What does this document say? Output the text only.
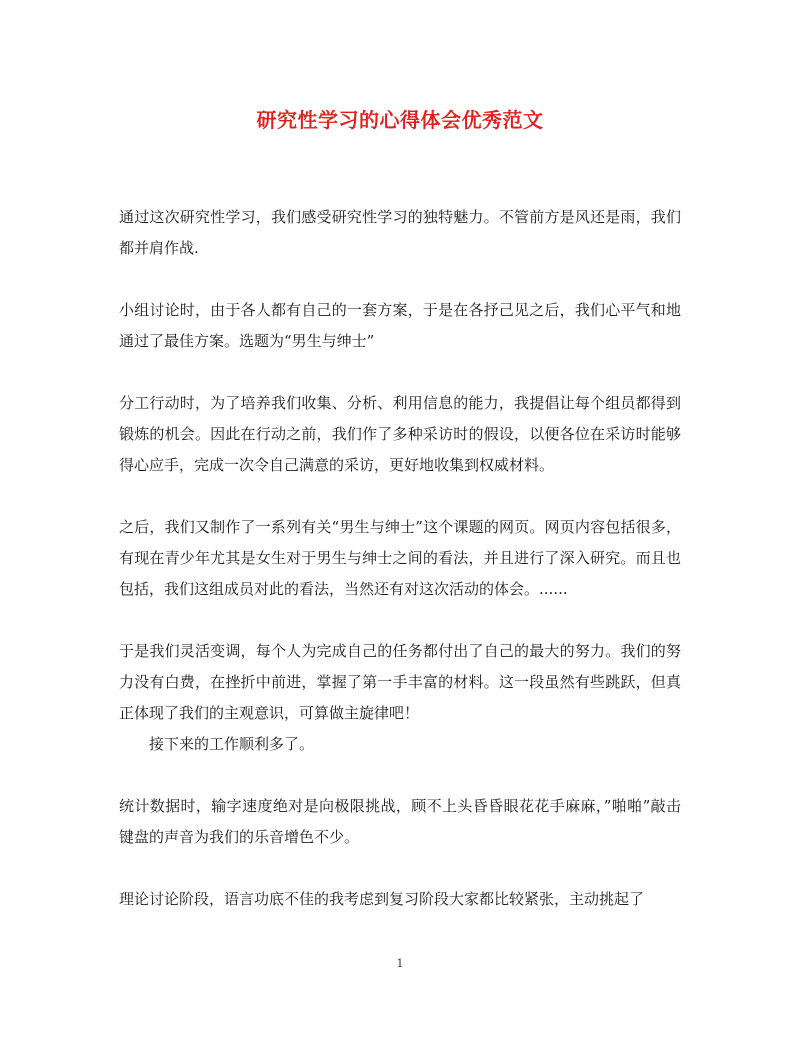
研究性学习的心得体会优秀范文

通过这次研究性学习，我们感受研究性学习的独特魅力。不管前方是风还是雨，我们都并肩作战.

小组讨论时，由于各人都有自己的一套方案，于是在各抒己见之后，我们心平气和地通过了最佳方案。选题为“男生与绅士”

分工行动时，为了培养我们收集、分析、利用信息的能力，我提倡让每个组员都得到锻炼的机会。因此在行动之前，我们作了多种采访时的假设，以便各位在采访时能够得心应手，完成一次令自己满意的采访，更好地收集到权威材料。

之后，我们又制作了一系列有关“男生与绅士”这个课题的网页。网页内容包括很多，有现在青少年尤其是女生对于男生与绅士之间的看法，并且进行了深入研究。而且也包括，我们这组成员对此的看法，当然还有对这次活动的体会。......

于是我们灵活变调，每个人为完成自己的任务都付出了自己的最大的努力。我们的努力没有白费，在挫折中前进，掌握了第一手丰富的材料。这一段虽然有些跳跃，但真正体现了我们的主观意识，可算做主旋律吧！

接下来的工作顺利多了。

统计数据时，输字速度绝对是向极限挑战，顾不上头昏昏眼花花手麻麻，”啪啪”敲击键盘的声音为我们的乐音增色不少。

理论讨论阶段，语言功底不佳的我考虑到复习阶段大家都比较紧张，主动挑起了

1
